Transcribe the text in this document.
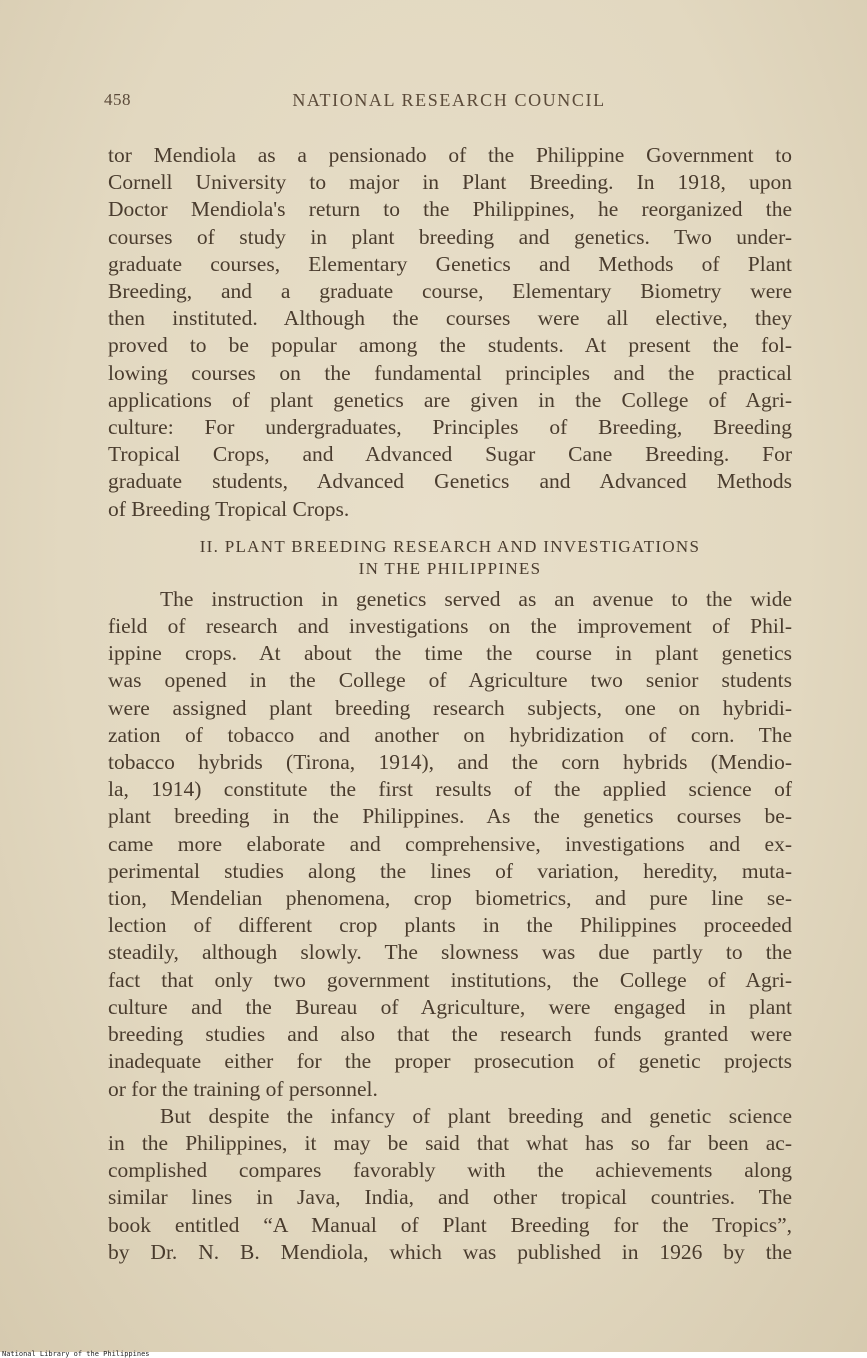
458	NATIONAL RESEARCH COUNCIL
tor Mendiola as a pensionado of the Philippine Government to
Cornell University to major in Plant Breeding. In 1918, upon
Doctor Mendiola's return to the Philippines, he reorganized the
courses of study in plant breeding and genetics. Two under-
graduate courses, Elementary Genetics and Methods of Plant
Breeding, and a graduate course, Elementary Biometry were
then instituted. Although the courses were all elective, they
proved to be popular among the students. At present the fol-
lowing courses on the fundamental principles and the practical
applications of plant genetics are given in the College of Agri-
culture: For undergraduates, Principles of Breeding, Breeding
Tropical Crops, and Advanced Sugar Cane Breeding. For
graduate students, Advanced Genetics and Advanced Methods
of Breeding Tropical Crops.
II. PLANT BREEDING RESEARCH AND INVESTIGATIONS
IN THE PHILIPPINES
The instruction in genetics served as an avenue to the wide
field of research and investigations on the improvement of Phil-
ippine crops. At about the time the course in plant genetics
was opened in the College of Agriculture two senior students
were assigned plant breeding research subjects, one on hybridi-
zation of tobacco and another on hybridization of corn. The
tobacco hybrids (Tirona, 1914), and the corn hybrids (Mendio-
la, 1914) constitute the first results of the applied science of
plant breeding in the Philippines. As the genetics courses be-
came more elaborate and comprehensive, investigations and ex-
perimental studies along the lines of variation, heredity, muta-
tion, Mendelian phenomena, crop biometrics, and pure line se-
lection of different crop plants in the Philippines proceeded
steadily, although slowly. The slowness was due partly to the
fact that only two government institutions, the College of Agri-
culture and the Bureau of Agriculture, were engaged in plant
breeding studies and also that the research funds granted were
inadequate either for the proper prosecution of genetic projects
or for the training of personnel.
But despite the infancy of plant breeding and genetic science
in the Philippines, it may be said that what has so far been ac-
complished compares favorably with the achievements along
similar lines in Java, India, and other tropical countries. The
book entitled “A Manual of Plant Breeding for the Tropics”,
by Dr. N. B. Mendiola, which was published in 1926 by the
National Library of the Philippines
